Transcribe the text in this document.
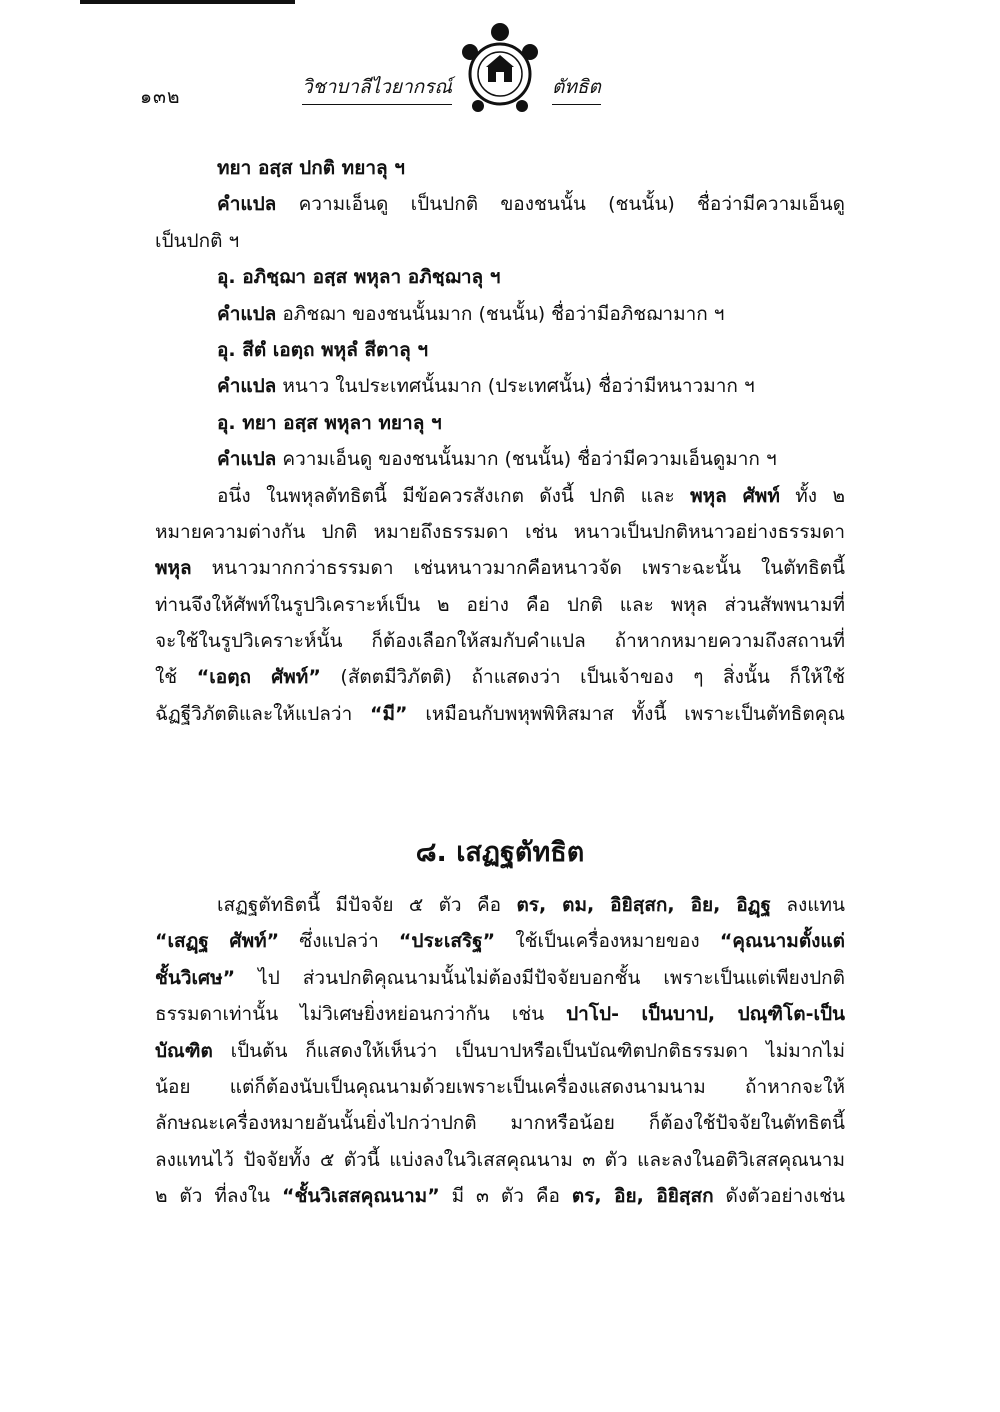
๑๓๒	วิชาบาลีไวยากรณ์	ตัทธิต
ทยา อสฺส ปกติ ทยาลุ ฯ
คำแปล ความเอ็นดู เป็นปกติ ของชนนั้น (ชนนั้น) ชื่อว่ามีความเอ็นดู
เป็นปกติ ฯ
อุ. อภิชฺฌา อสฺส พหุลา อภิชฺฌาลุ ฯ
คำแปล อภิชฌา ของชนนั้นมาก (ชนนั้น) ชื่อว่ามีอภิชฌามาก ฯ
อุ. สีตํ เอตฺถ พหุลํ สีตาลุ ฯ
คำแปล หนาว ในประเทศนั้นมาก (ประเทศนั้น) ชื่อว่ามีหนาวมาก ฯ
อุ. ทยา อสฺส พหุลา ทยาลุ ฯ
คำแปล ความเอ็นดู ของชนนั้นมาก (ชนนั้น) ชื่อว่ามีความเอ็นดูมาก ฯ
อนึ่ง ในพหุลตัทธิตนี้ มีข้อควรสังเกต ดังนี้ ปกติ และ พหุล ศัพท์ ทั้ง ๒
หมายความต่างกัน ปกติ หมายถึงธรรมดา เช่น หนาวเป็นปกติหนาวอย่างธรรมดา
พหุล หนาวมากกว่าธรรมดา เช่นหนาวมากคือหนาวจัด เพราะฉะนั้น ในตัทธิตนี้
ท่านจึงให้ศัพท์ในรูปวิเคราะห์เป็น ๒ อย่าง คือ ปกติ และ พหุล ส่วนสัพพนามที่
จะใช้ในรูปวิเคราะห์นั้น ก็ต้องเลือกให้สมกับคำแปล ถ้าหากหมายความถึงสถานที่
ใช้ “เอตฺถ ศัพท์” (สัตตมีวิภัตติ) ถ้าแสดงว่า เป็นเจ้าของ ๆ สิ่งนั้น ก็ให้ใช้
ฉัฏฐีวิภัตติและให้แปลว่า “มี” เหมือนกับพหุพพิหิสมาส ทั้งนี้ เพราะเป็นตัทธิตคุณ
๘. เสฏฐตัทธิต
เสฏฐตัทธิตนี้ มีปัจจัย ๕ ตัว คือ ตร, ตม, อิยิสฺสก, อิย, อิฏฺฐ ลงแทน
“เสฏฺฐ ศัพท์” ซึ่งแปลว่า “ประเสริฐ” ใช้เป็นเครื่องหมายของ “คุณนามตั้งแต่
ชั้นวิเศษ” ไป ส่วนปกติคุณนามนั้นไม่ต้องมีปัจจัยบอกชั้น เพราะเป็นแต่เพียงปกติ
ธรรมดาเท่านั้น ไม่วิเศษยิ่งหย่อนกว่ากัน เช่น ปาโป- เป็นบาป, ปณฺฑิโต-เป็น
บัณฑิต เป็นต้น ก็แสดงให้เห็นว่า เป็นบาปหรือเป็นบัณฑิตปกติธรรมดา ไม่มากไม่
น้อย แต่ก็ต้องนับเป็นคุณนามด้วยเพราะเป็นเครื่องแสดงนามนาม ถ้าหากจะให้
ลักษณะเครื่องหมายอันนั้นยิ่งไปกว่าปกติ มากหรือน้อย ก็ต้องใช้ปัจจัยในตัทธิตนี้
ลงแทนไว้ ปัจจัยทั้ง ๕ ตัวนี้ แบ่งลงในวิเสสคุณนาม ๓ ตัว และลงในอติวิเสสคุณนาม
๒ ตัว ที่ลงใน “ชั้นวิเสสคุณนาม” มี ๓ ตัว คือ ตร, อิย, อิยิสฺสก ดังตัวอย่างเช่น
